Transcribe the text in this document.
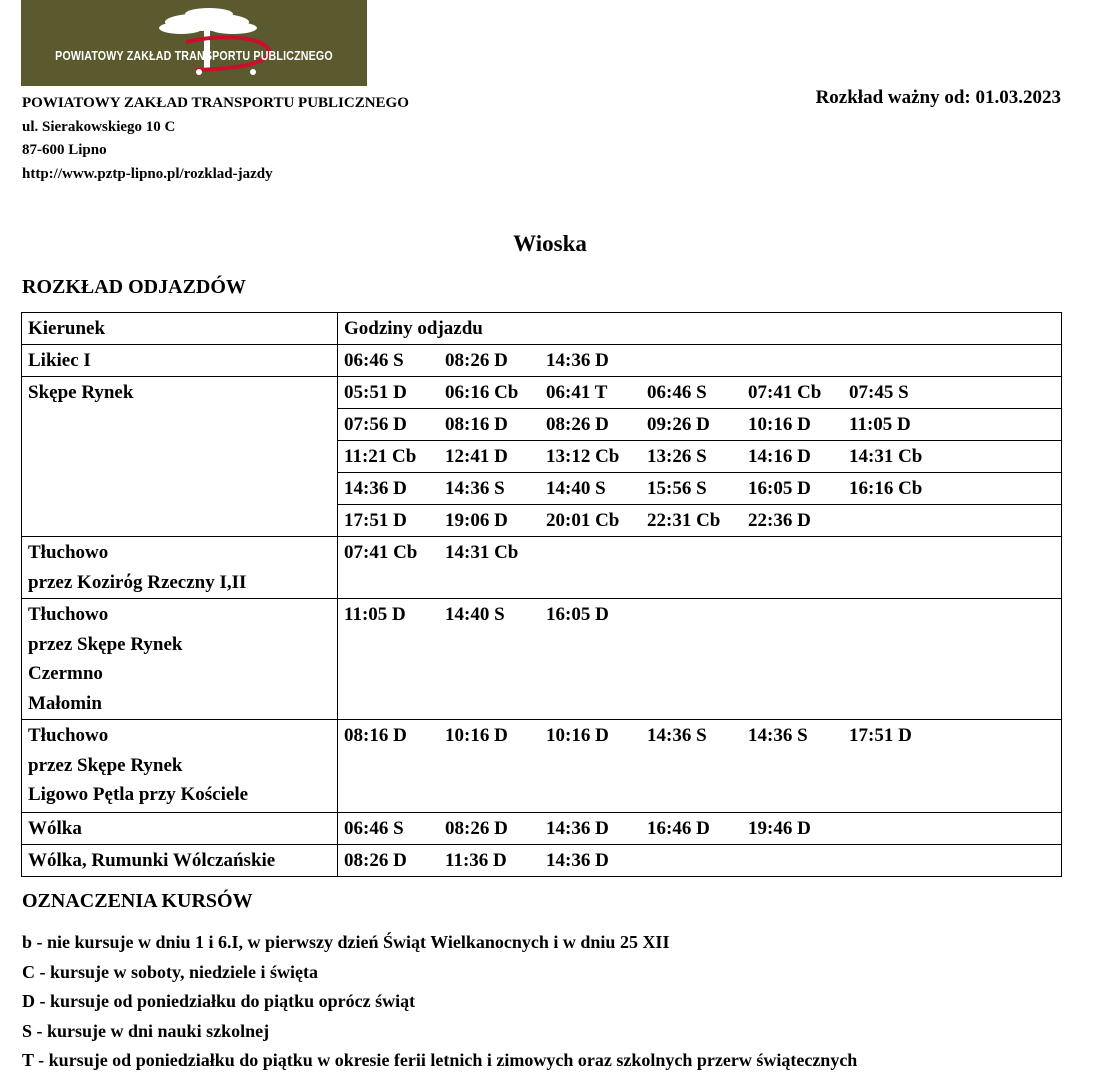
POWIATOWY ZAKŁAD TRANSPORTU PUBLICZNEGO
POWIATOWY ZAKŁAD TRANSPORTU PUBLICZNEGO
ul. Sierakowskiego 10 C
87-600 Lipno
http://www.pztp-lipno.pl/rozklad-jazdy
Rozkład ważny od: 01.03.2023
Wioska
ROZKŁAD ODJAZDÓW
Kierunek	Godziny odjazdu

Likiec I	06:46 S 08:26 D 14:36 D

Skępe Rynek	05:51 D 06:16 Cb 06:41 T 06:46 S 07:41 Cb 07:45 S
07:56 D 08:16 D 08:26 D 09:26 D 10:16 D 11:05 D
11:21 Cb 12:41 D 13:12 Cb 13:26 S 14:16 D 14:31 Cb
14:36 D 14:36 S 14:40 S 15:56 S 16:05 D 16:16 Cb
17:51 D 19:06 D 20:01 Cb 22:31 Cb 22:36 D

Tłuchowo
przez Kozirόg Rzeczny I,II	07:41 Cb 14:31 Cb

Tłuchowo
przez Skępe Rynek
Czermno
Małomin	11:05 D 14:40 S 16:05 D

Tłuchowo
przez Skępe Rynek
Ligowo Pętla przy Kościele	08:16 D 10:16 D 10:16 D 14:36 S 14:36 S 17:51 D

Wólka	06:46 S 08:26 D 14:36 D 16:46 D 19:46 D

Wólka, Rumunki Wólczańskie	08:26 D 11:36 D 14:36 D
OZNACZENIA KURSÓW
b - nie kursuje w dniu 1 i 6.I, w pierwszy dzień Świąt Wielkanocnych i w dniu 25 XII
C - kursuje w soboty, niedziele i święta
D - kursuje od poniedziałku do piątku oprócz świąt
S - kursuje w dni nauki szkolnej
T - kursuje od poniedziałku do piątku w okresie ferii letnich i zimowych oraz szkolnych przerw świątecznych
